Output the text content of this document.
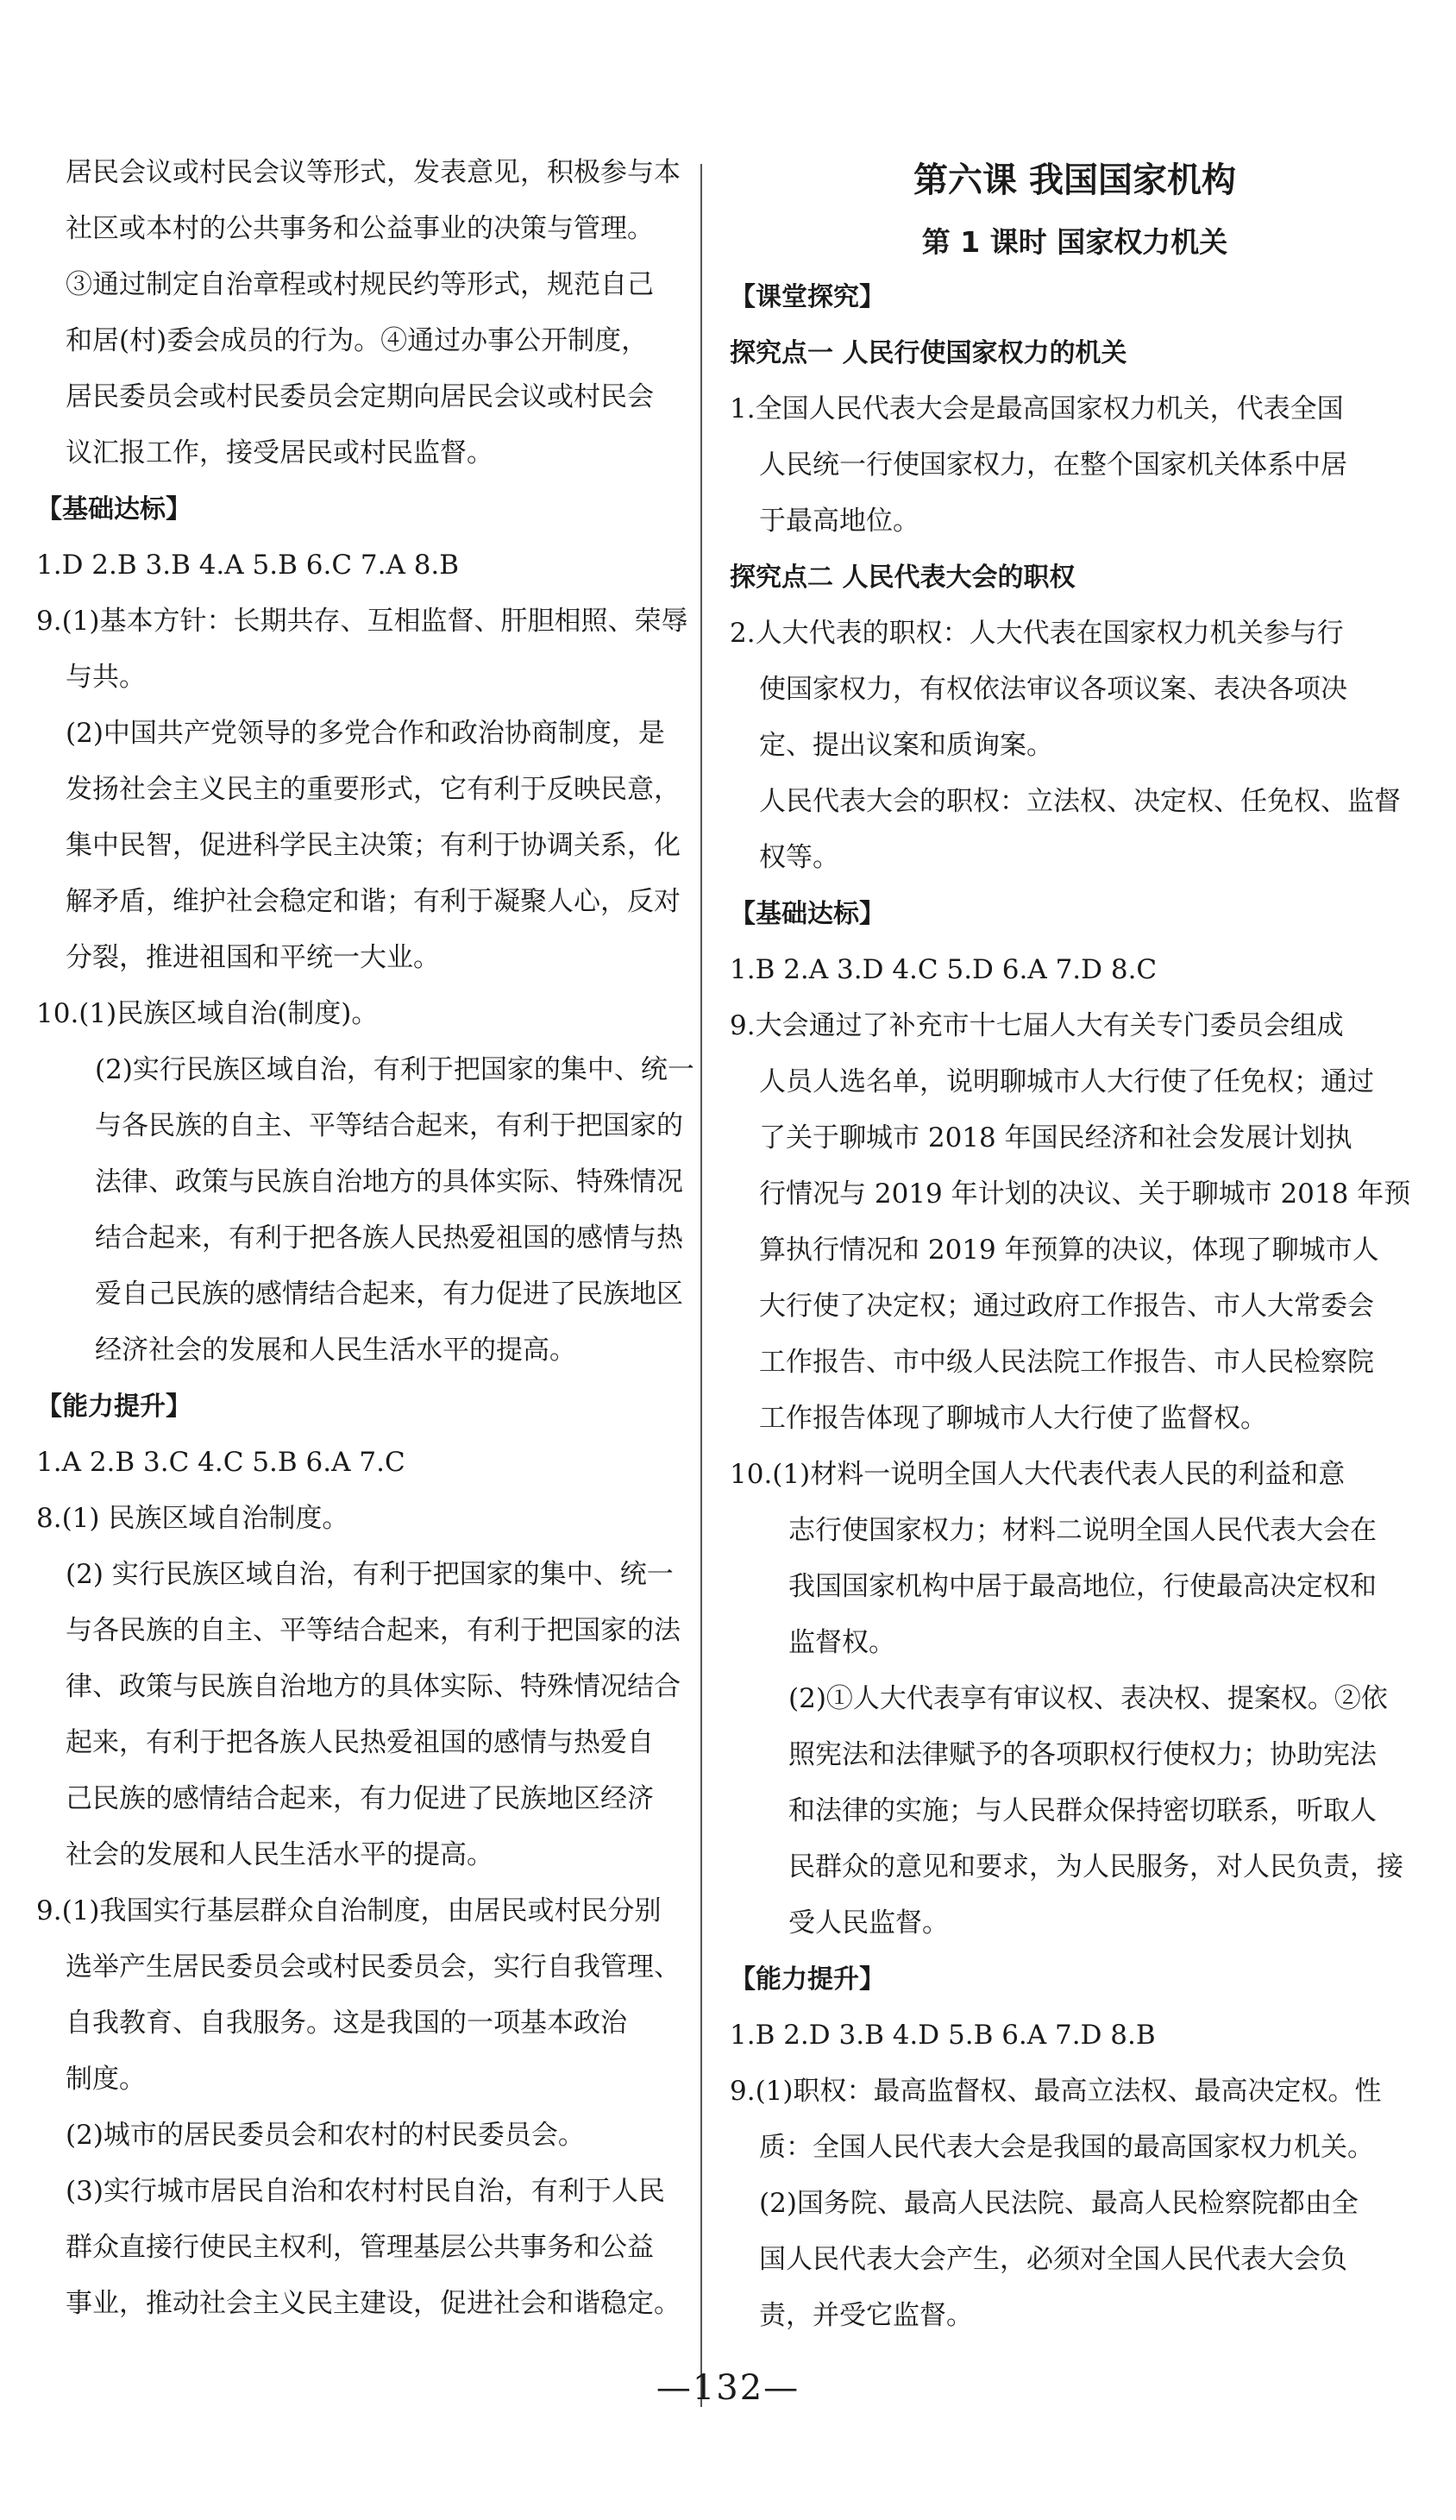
居民会议或村民会议等形式，发表意见，积极参与本
社区或本村的公共事务和公益事业的决策与管理。
③通过制定自治章程或村规民约等形式，规范自己
和居(村)委会成员的行为。④通过办事公开制度，
居民委员会或村民委员会定期向居民会议或村民会
议汇报工作，接受居民或村民监督。
【基础达标】
1.D 2.B 3.B 4.A 5.B 6.C 7.A 8.B
9.(1)基本方针：长期共存、互相监督、肝胆相照、荣辱
与共。
(2)中国共产党领导的多党合作和政治协商制度，是
发扬社会主义民主的重要形式，它有利于反映民意，
集中民智，促进科学民主决策；有利于协调关系，化
解矛盾，维护社会稳定和谐；有利于凝聚人心，反对
分裂，推进祖国和平统一大业。
10.(1)民族区域自治(制度)。
(2)实行民族区域自治，有利于把国家的集中、统一
与各民族的自主、平等结合起来，有利于把国家的
法律、政策与民族自治地方的具体实际、特殊情况
结合起来，有利于把各族人民热爱祖国的感情与热
爱自己民族的感情结合起来，有力促进了民族地区
经济社会的发展和人民生活水平的提高。
【能力提升】
1.A 2.B 3.C 4.C 5.B 6.A 7.C
8.(1) 民族区域自治制度。
(2) 实行民族区域自治，有利于把国家的集中、统一
与各民族的自主、平等结合起来，有利于把国家的法
律、政策与民族自治地方的具体实际、特殊情况结合
起来，有利于把各族人民热爱祖国的感情与热爱自
己民族的感情结合起来，有力促进了民族地区经济
社会的发展和人民生活水平的提高。
9.(1)我国实行基层群众自治制度，由居民或村民分别
选举产生居民委员会或村民委员会，实行自我管理、
自我教育、自我服务。这是我国的一项基本政治
制度。
(2)城市的居民委员会和农村的村民委员会。
(3)实行城市居民自治和农村村民自治，有利于人民
群众直接行使民主权利，管理基层公共事务和公益
事业，推动社会主义民主建设，促进社会和谐稳定。
第六课 我国国家机构
第 1 课时 国家权力机关
【课堂探究】
探究点一 人民行使国家权力的机关
1.全国人民代表大会是最高国家权力机关，代表全国
人民统一行使国家权力，在整个国家机关体系中居
于最高地位。
探究点二 人民代表大会的职权
2.人大代表的职权：人大代表在国家权力机关参与行
使国家权力，有权依法审议各项议案、表决各项决
定、提出议案和质询案。
人民代表大会的职权：立法权、决定权、任免权、监督
权等。
【基础达标】
1.B 2.A 3.D 4.C 5.D 6.A 7.D 8.C
9.大会通过了补充市十七届人大有关专门委员会组成
人员人选名单，说明聊城市人大行使了任免权；通过
了关于聊城市 2018 年国民经济和社会发展计划执
行情况与 2019 年计划的决议、关于聊城市 2018 年预
算执行情况和 2019 年预算的决议，体现了聊城市人
大行使了决定权；通过政府工作报告、市人大常委会
工作报告、市中级人民法院工作报告、市人民检察院
工作报告体现了聊城市人大行使了监督权。
10.(1)材料一说明全国人大代表代表人民的利益和意
志行使国家权力；材料二说明全国人民代表大会在
我国国家机构中居于最高地位，行使最高决定权和
监督权。
(2)①人大代表享有审议权、表决权、提案权。②依
照宪法和法律赋予的各项职权行使权力；协助宪法
和法律的实施；与人民群众保持密切联系，听取人
民群众的意见和要求，为人民服务，对人民负责，接
受人民监督。
【能力提升】
1.B 2.D 3.B 4.D 5.B 6.A 7.D 8.B
9.(1)职权：最高监督权、最高立法权、最高决定权。性
质：全国人民代表大会是我国的最高国家权力机关。
(2)国务院、最高人民法院、最高人民检察院都由全
国人民代表大会产生，必须对全国人民代表大会负
责，并受它监督。
—132—
